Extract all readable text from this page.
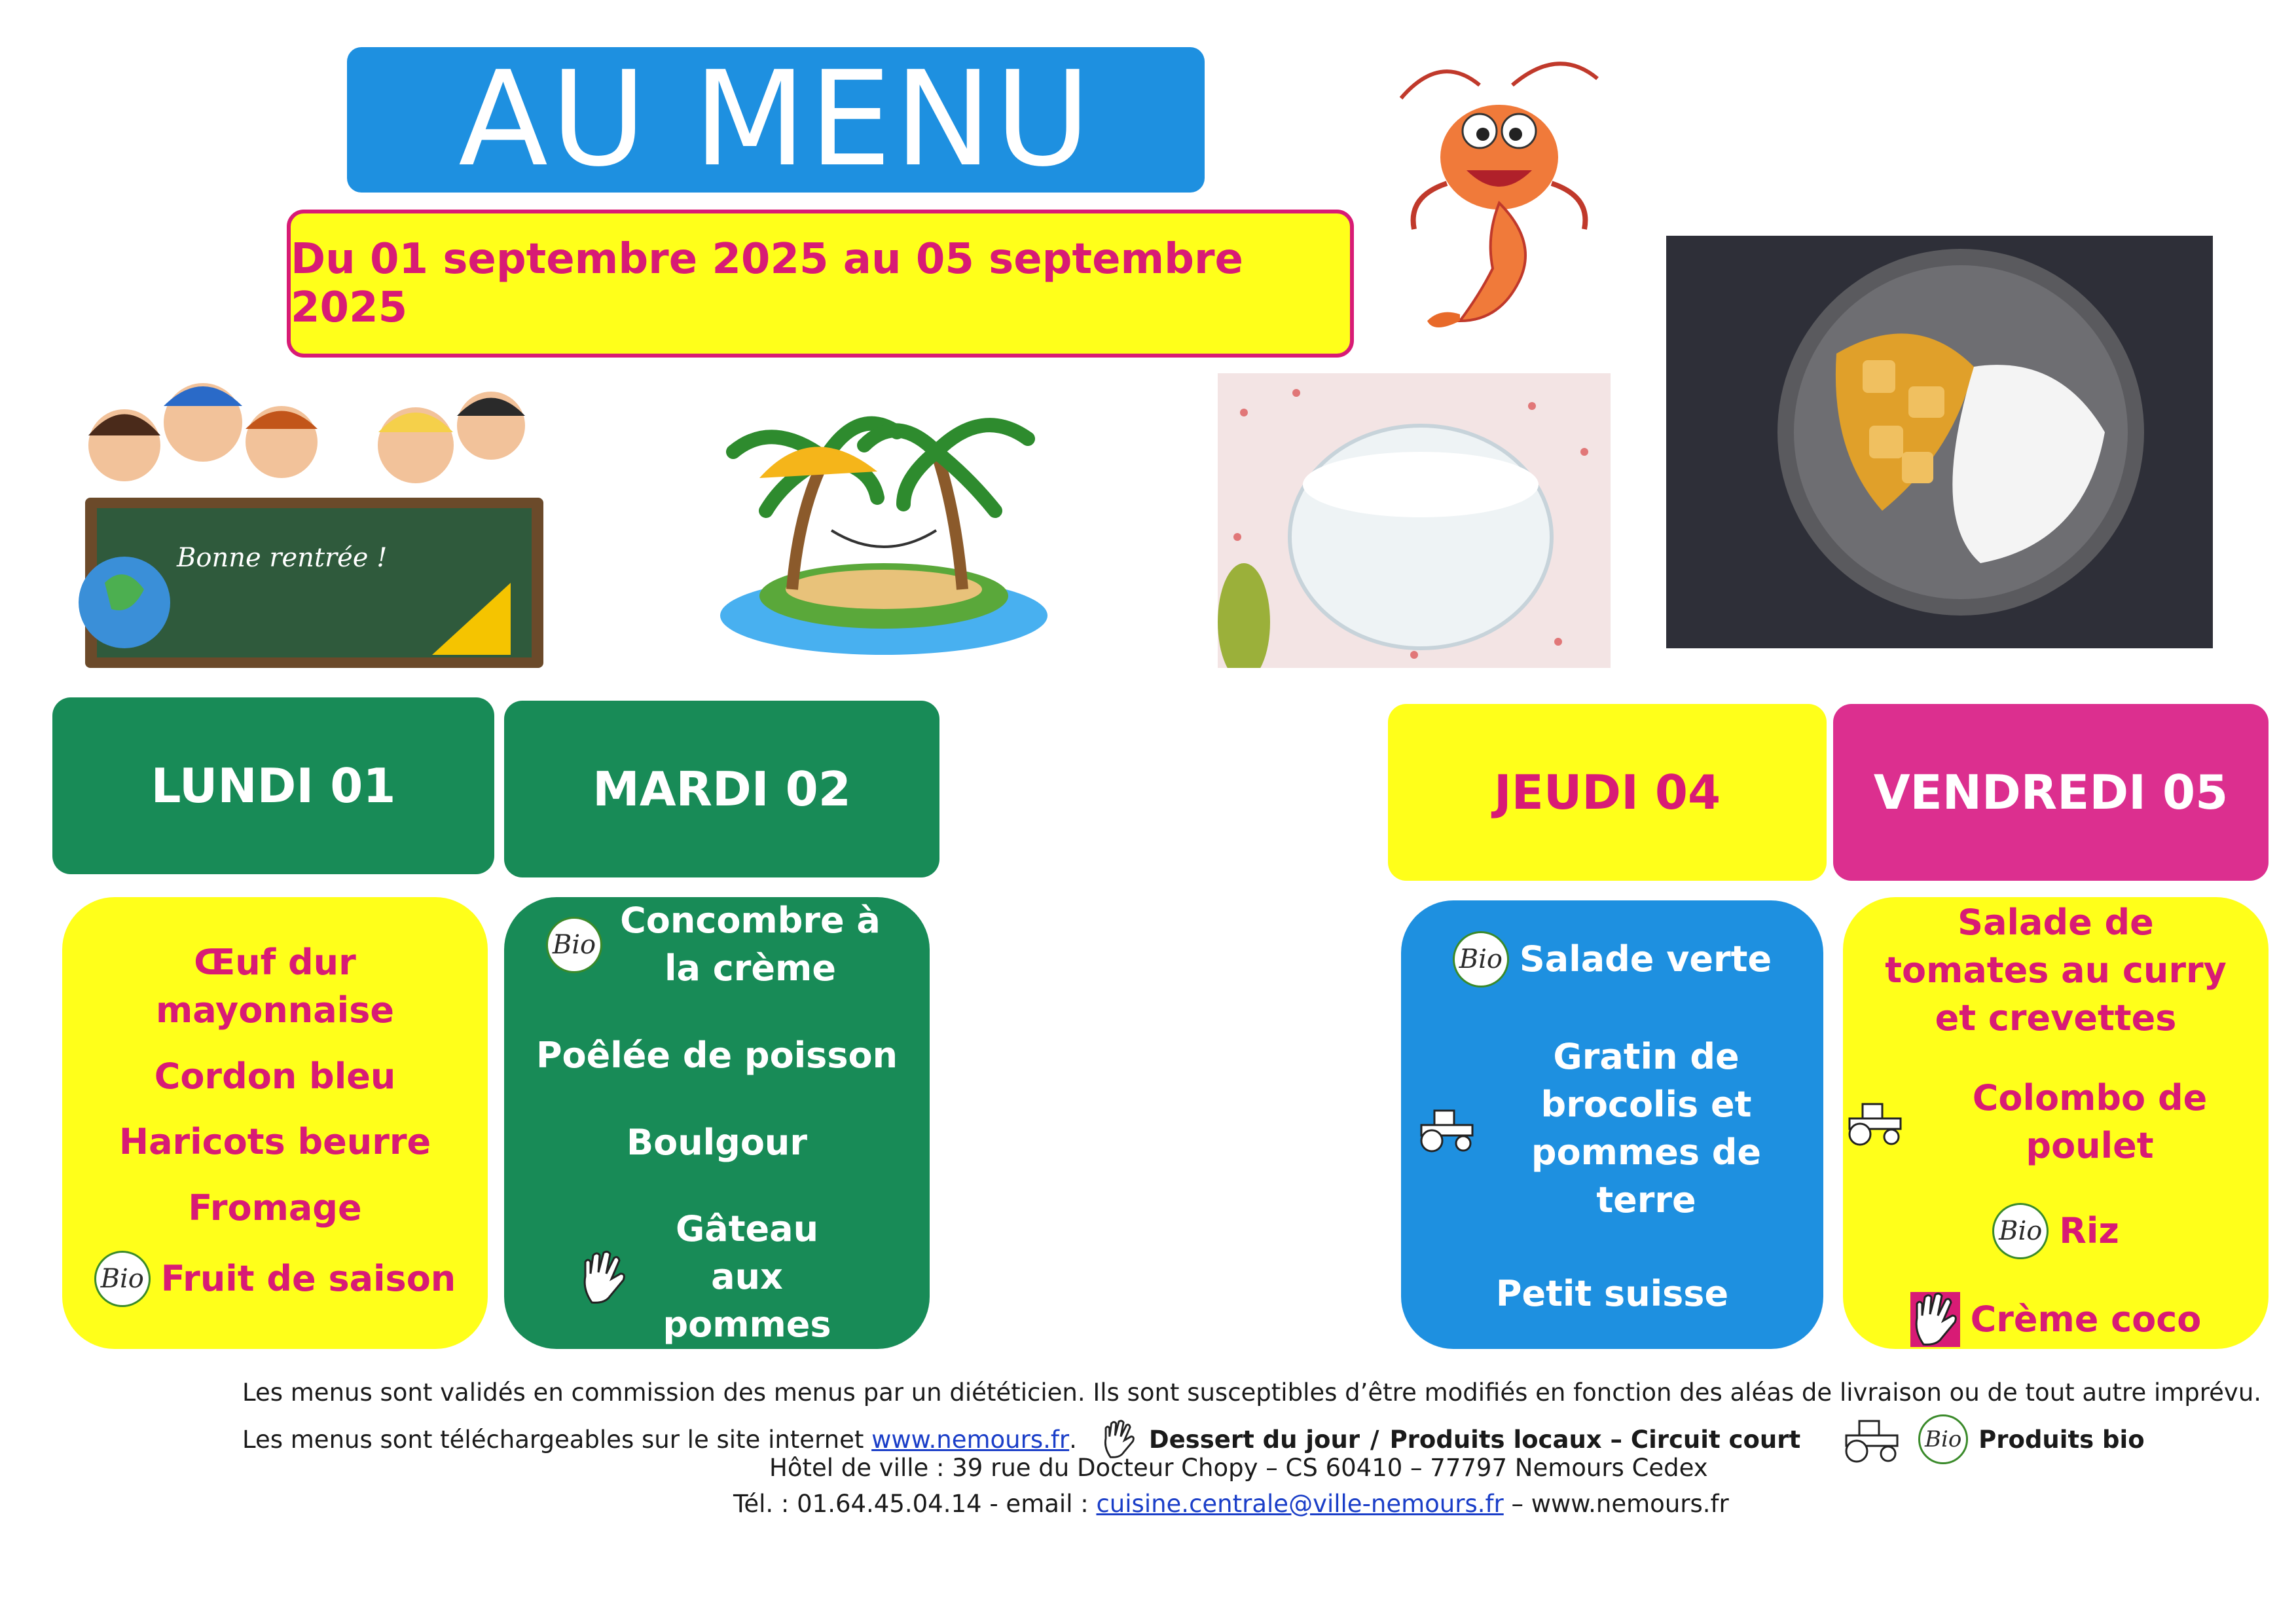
AU MENU
Du 01 septembre 2025 au 05 septembre 2025
Bonne rentrée !
LUNDI 01	MARDI 02	JEUDI 04	VENDREDI 05
Œuf dur mayonnaise
Cordon bleu
Haricots beurre
Fromage
Bio Fruit de saison
Bio
Concombre à la crème
Poêlée de poisson
Boulgour
Gâteau aux pommes
Bio Salade verte
Gratin de brocolis et pommes de terre
Petit suisse
Salade de tomates au curry et crevettes
Colombo de poulet
Bio Riz
Crème coco
Les menus sont validés en commission des menus par un diététicien. Ils sont susceptibles d’être modifiés en fonction des aléas de livraison ou de tout autre imprévu.
Les menus sont téléchargeables sur le site internet www.nemours.fr .	Dessert du jour / Produits locaux – Circuit court	Bio Produits bio
Hôtel de ville : 39 rue du Docteur Chopy – CS 60410 – 77797 Nemours Cedex
Tél. : 01.64.45.04.14 - email : cuisine.centrale@ville-nemours.fr – www.nemours.fr
